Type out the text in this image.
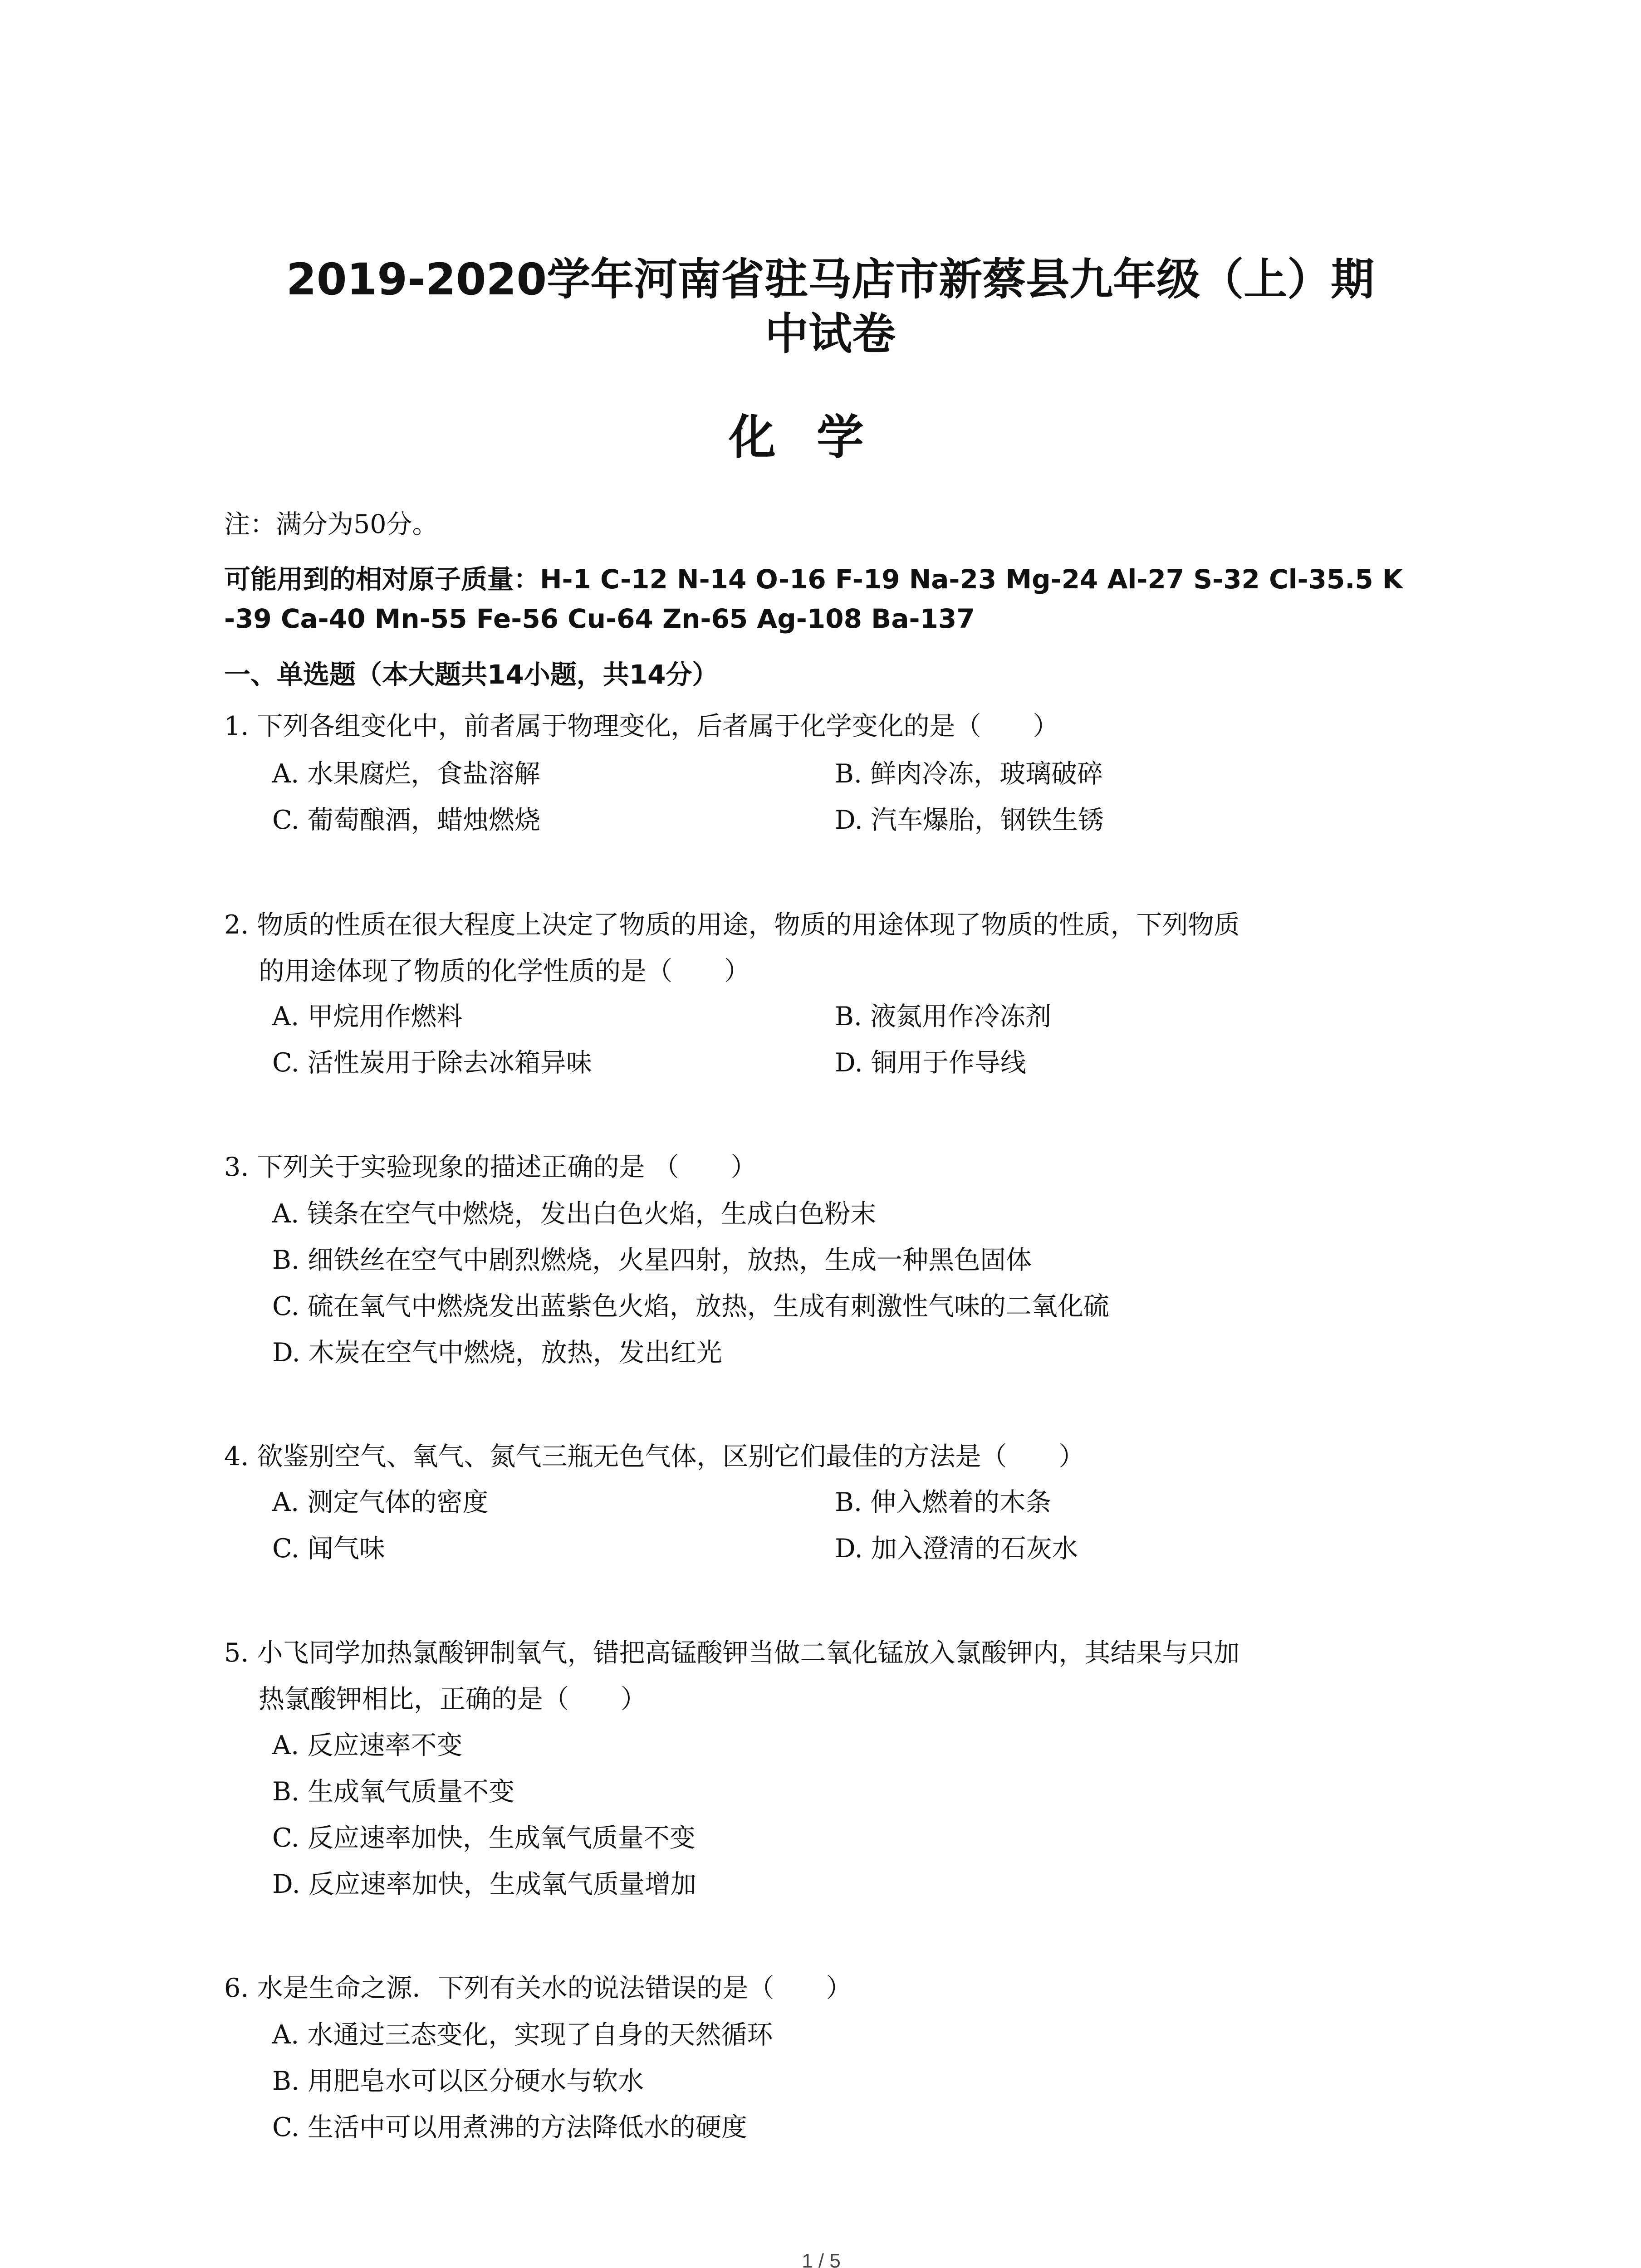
2019-2020学年河南省驻马店市新蔡县九年级（上）期
中试卷
化学
注：满分为50分。
可能用到的相对原子质量：H-1 C-12 N-14 O-16 F-19 Na-23 Mg-24 Al-27 S-32 Cl-35.5 K
-39 Ca-40 Mn-55 Fe-56 Cu-64 Zn-65 Ag-108 Ba-137
一、单选题（本大题共14小题，共14分）
1. 下列各组变化中，前者属于物理变化，后者属于化学变化的是（　　）
A. 水果腐烂，食盐溶解	B. 鲜肉冷冻，玻璃破碎
C. 葡萄酿酒，蜡烛燃烧	D. 汽车爆胎，钢铁生锈
2. 物质的性质在很大程度上决定了物质的用途，物质的用途体现了物质的性质，下列物质
的用途体现了物质的化学性质的是（　　）
A. 甲烷用作燃料	B. 液氮用作冷冻剂
C. 活性炭用于除去冰箱异味	D. 铜用于作导线
3. 下列关于实验现象的描述正确的是 （　　）
A. 镁条在空气中燃烧，发出白色火焰，生成白色粉末
B. 细铁丝在空气中剧烈燃烧，火星四射，放热，生成一种黑色固体
C. 硫在氧气中燃烧发出蓝紫色火焰，放热，生成有刺激性气味的二氧化硫
D. 木炭在空气中燃烧，放热，发出红光
4. 欲鉴别空气、氧气、氮气三瓶无色气体，区别它们最佳的方法是（　　）
A. 测定气体的密度	B. 伸入燃着的木条
C. 闻气味	D. 加入澄清的石灰水
5. 小飞同学加热氯酸钾制氧气，错把高锰酸钾当做二氧化锰放入氯酸钾内，其结果与只加
热氯酸钾相比，正确的是（　　）
A. 反应速率不变
B. 生成氧气质量不变
C. 反应速率加快，生成氧气质量不变
D. 反应速率加快，生成氧气质量增加
6. 水是生命之源．下列有关水的说法错误的是（　　）
A. 水通过三态变化，实现了自身的天然循环
B. 用肥皂水可以区分硬水与软水
C. 生活中可以用煮沸的方法降低水的硬度
1 / 5
